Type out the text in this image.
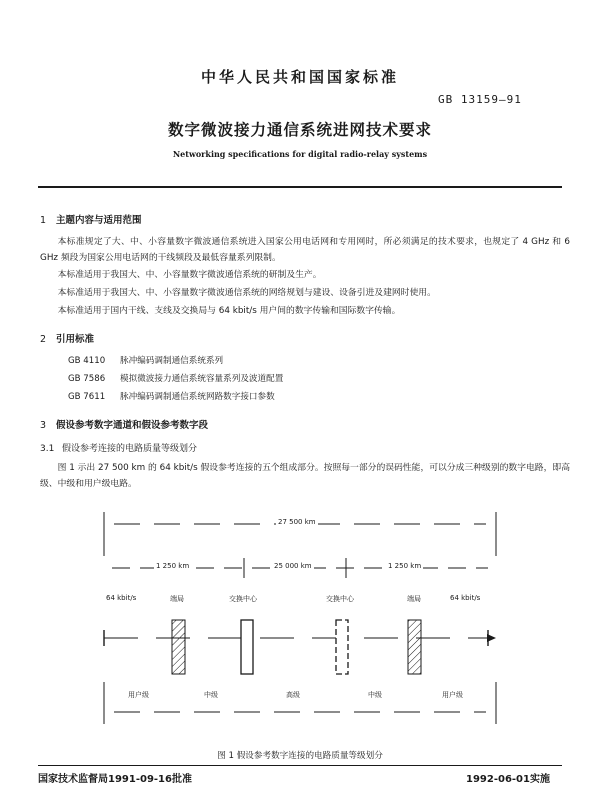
中华人民共和国国家标准
GB 13159—91
数字微波接力通信系统进网技术要求
Networking specifications for digital radio-relay systems
1 主题内容与适用范围
本标准规定了大、中、小容量数字微波通信系统进入国家公用电话网和专用网时，所必须满足的技术要求，也规定了 4 GHz 和 6 GHz 频段为国家公用电话网的干线频段及最低容量系列限制。
本标准适用于我国大、中、小容量数字微波通信系统的研制及生产。
本标准适用于我国大、中、小容量数字微波通信系统的网络规划与建设、设备引进及建网时使用。
本标准适用于国内干线、支线及交换局与 64 kbit/s 用户间的数字传输和国际数字传输。
2 引用标准
GB 4110 脉冲编码调制通信系统系列
GB 7586 模拟微波接力通信系统容量系列及波道配置
GB 7611 脉冲编码调制通信系统网路数字接口参数
3 假设参考数字通道和假设参考数字段
3.1 假设参考连接的电路质量等级划分
图 1 示出 27 500 km 的 64 kbit/s 假设参考连接的五个组成部分。按照每一部分的误码性能，可以分成三种级别的数字电路，即高级、中级和用户级电路。
27 500 km
1 250 km	25 000 km	1 250 km
64 kbit/s	端局	交换中心	交换中心	端局	64 kbit/s
用户级	中级	高级	中级	用户级
图 1 假设参考数字连接的电路质量等级划分
国家技术监督局1991-09-16批准	1992-06-01实施
